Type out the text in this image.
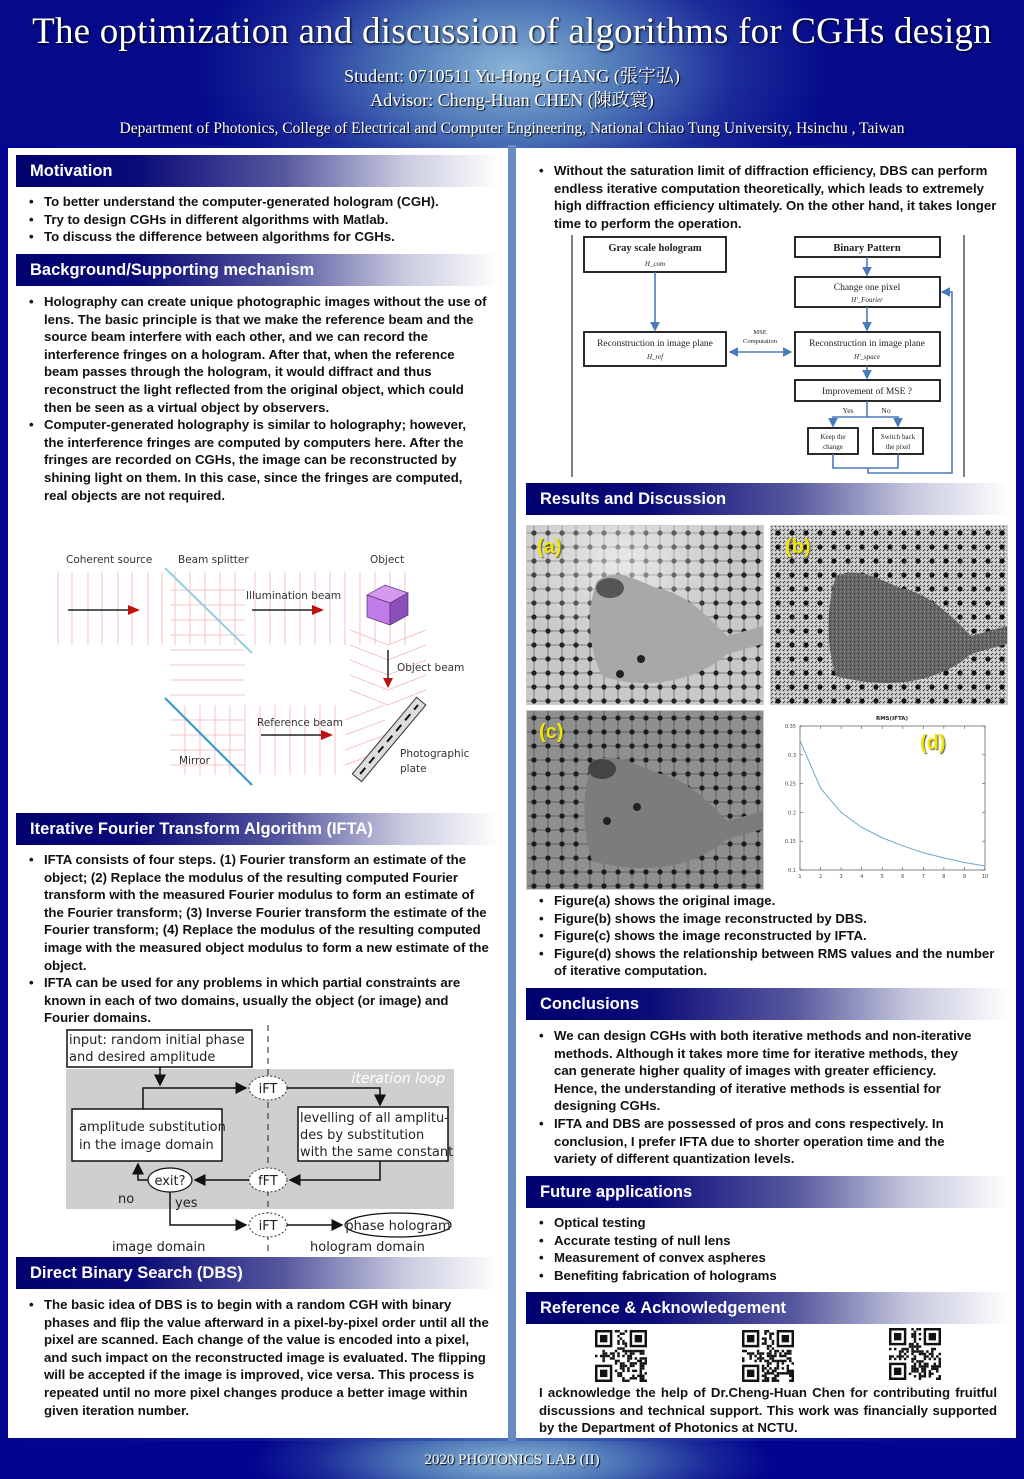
The optimization and discussion of algorithms for CGHs design
Student: 0710511 Yu-Hong CHANG (張宇弘)
Advisor: Cheng-Huan CHEN (陳政寰)
Department of Photonics, College of Electrical and Computer Engineering, National Chiao Tung University, Hsinchu , Taiwan
Motivation
• To better understand the computer-generated hologram (CGH).
• Try to design CGHs in different algorithms with Matlab.
• To discuss the difference between algorithms for CGHs.
Background/Supporting mechanism
• Holography can create unique photographic images without the use of lens. The basic principle is that we make the reference beam and the source beam interfere with each other, and we can record the interference fringes on a hologram. After that, when the reference beam passes through the hologram, it would diffract and thus reconstruct the light reflected from the original object, which could then be seen as a virtual object by observers.
• Computer-generated holography is similar to holography; however, the interference fringes are computed by computers here. After the fringes are recorded on CGHs, the image can be reconstructed by shining light on them. In this case, since the fringes are computed, real objects are not required.
Coherent source Beam splitter	Object
Illumination beam
Object beam
Reference beam
Mirror
Photographic
plate
Iterative Fourier Transform Algorithm (IFTA)
• IFTA consists of four steps. (1) Fourier transform an estimate of the object; (2) Replace the modulus of the resulting computed Fourier transform with the measured Fourier modulus to form an estimate of the Fourier transform; (3) Inverse Fourier transform the estimate of the Fourier transform; (4) Replace the modulus of the resulting computed image with the measured object modulus to form a new estimate of the object.
• IFTA can be used for any problems in which partial constraints are known in each of two domains, usually the object (or image) and Fourier domains.
iteration loop
input: random initial phase
and desired amplitude
amplitude substitution
in the image domain
levelling of all amplitu-
des by substitution
with the same constant
iFT
fFT
iFT
exit?
phase hologram
no	yes
image domain	hologram domain
Direct Binary Search (DBS)
• The basic idea of DBS is to begin with a random CGH with binary phases and flip the value afterward in a pixel-by-pixel order until all the pixel are scanned. Each change of the value is encoded into a pixel, and such impact on the reconstructed image is evaluated. The flipping will be accepted if the image is improved, vice versa. This process is repeated until no more pixel changes produce a better image within given iteration number.
• Without the saturation limit of diffraction efficiency, DBS can perform endless iterative computation theoretically, which leads to extremely high diffraction efficiency ultimately. On the other hand, it takes longer time to perform the operation.
Gray scale hologram
H_com
Binary Pattern
Change one pixel
H'_Fourier
Reconstruction in image plane
H_ref
Reconstruction in image plane
H'_space
MSE
Computation
Improvement of MSE ?
Yes	No
Keep the
change
Switch back
the pixel
Results and Discussion
(a)	(b)
(c)
RMS(IFTA)
1	2	3	4	5	6	7	8	9	10
0.1
0.15
0.2
0.25
0.3
0.35
(d)
• Figure(a) shows the original image.
• Figure(b) shows the image reconstructed by DBS.
• Figure(c) shows the image reconstructed by IFTA.
• Figure(d) shows the relationship between RMS values and the number of iterative computation.
Conclusions
• We can design CGHs with both iterative methods and non-iterative methods. Although it takes more time for iterative methods, they can generate higher quality of images with greater efficiency. Hence, the understanding of iterative methods is essential for designing CGHs.
• IFTA and DBS are possessed of pros and cons respectively. In conclusion, I prefer IFTA due to shorter operation time and the variety of different quantization levels.
Future applications
• Optical testing
• Accurate testing of null lens
• Measurement of convex aspheres
• Benefiting fabrication of holograms
Reference & Acknowledgement
I acknowledge the help of Dr.Cheng-Huan Chen for contributing fruitful discussions and technical support. This work was financially supported by the Department of Photonics at NCTU.
2020 PHOTONICS LAB (II)
